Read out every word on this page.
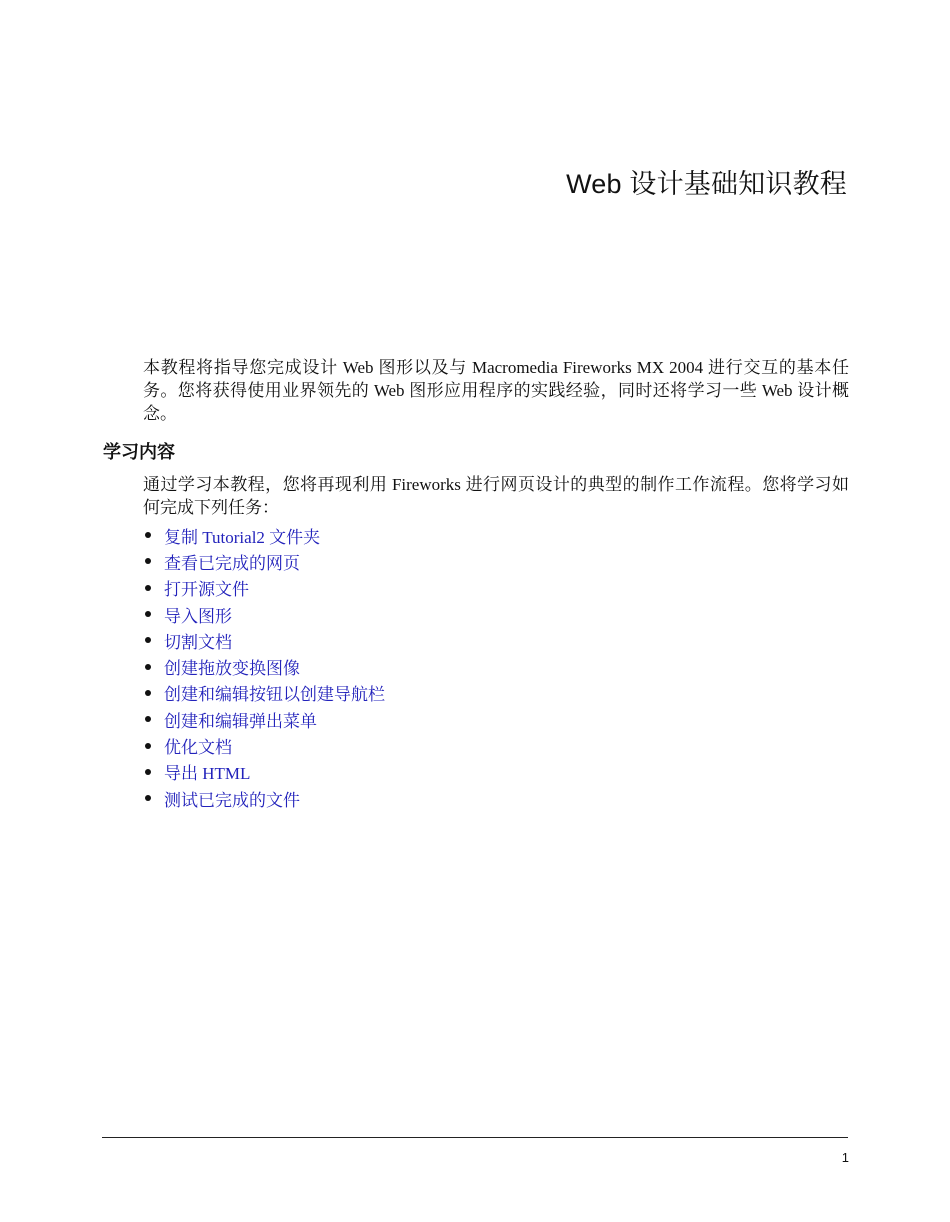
Web 设计基础知识教程

本教程将指导您完成设计 Web 图形以及与 Macromedia Fireworks MX 2004 进行交互的基本任务。您将获得使用业界领先的 Web 图形应用程序的实践经验，同时还将学习一些 Web 设计概念。

学习内容

通过学习本教程，您将再现利用 Fireworks 进行网页设计的典型的制作工作流程。您将学习如何完成下列任务：

复制 Tutorial2 文件夹
查看已完成的网页
打开源文件
导入图形
切割文档
创建拖放变换图像
创建和编辑按钮以创建导航栏
创建和编辑弹出菜单
优化文档
导出 HTML
测试已完成的文件
1
